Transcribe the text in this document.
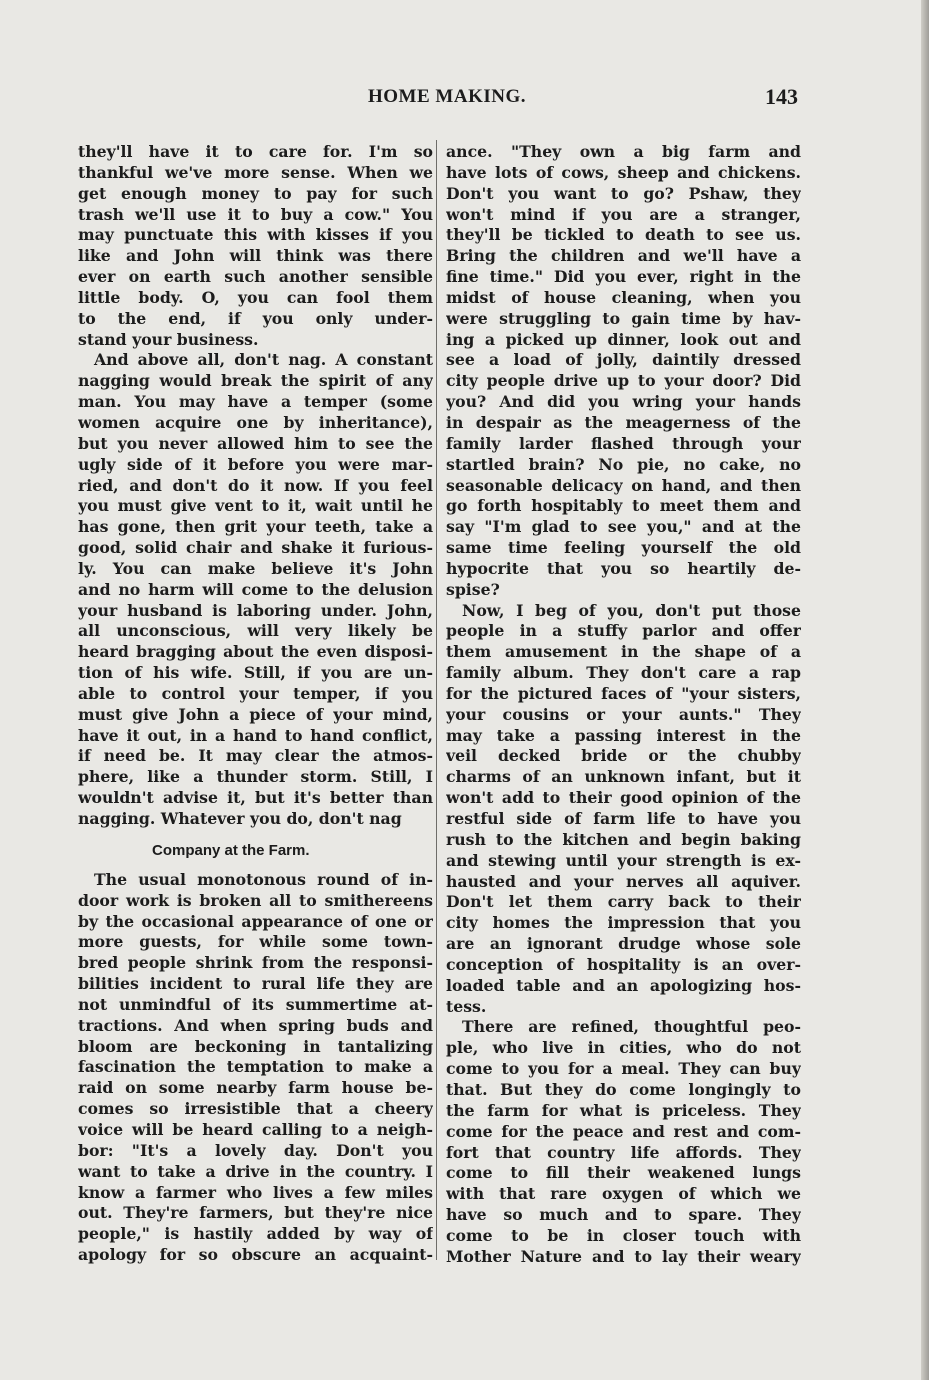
HOME MAKING.	143
they'll have it to care for. I'm so
thankful we've more sense. When we
get enough money to pay for such
trash we'll use it to buy a cow." You
may punctuate this with kisses if you
like and John will think was there
ever on earth such another sensible
little body. O, you can fool them
to the end, if you only under-
stand your business.
And above all, don't nag. A constant
nagging would break the spirit of any
man. You may have a temper (some
women acquire one by inheritance),
but you never allowed him to see the
ugly side of it before you were mar-
ried, and don't do it now. If you feel
you must give vent to it, wait until he
has gone, then grit your teeth, take a
good, solid chair and shake it furious-
ly. You can make believe it's John
and no harm will come to the delusion
your husband is laboring under. John,
all unconscious, will very likely be
heard bragging about the even disposi-
tion of his wife. Still, if you are un-
able to control your temper, if you
must give John a piece of your mind,
have it out, in a hand to hand conflict,
if need be. It may clear the atmos-
phere, like a thunder storm. Still, I
wouldn't advise it, but it's better than
nagging. Whatever you do, don't nag
Company at the Farm.
The usual monotonous round of in-
door work is broken all to smithereens
by the occasional appearance of one or
more guests, for while some town-
bred people shrink from the responsi-
bilities incident to rural life they are
not unmindful of its summertime at-
tractions. And when spring buds and
bloom are beckoning in tantalizing
fascination the temptation to make a
raid on some nearby farm house be-
comes so irresistible that a cheery
voice will be heard calling to a neigh-
bor: "It's a lovely day. Don't you
want to take a drive in the country. I
know a farmer who lives a few miles
out. They're farmers, but they're nice
people," is hastily added by way of
apology for so obscure an acquaint-
ance. "They own a big farm and
have lots of cows, sheep and chickens.
Don't you want to go? Pshaw, they
won't mind if you are a stranger,
they'll be tickled to death to see us.
Bring the children and we'll have a
fine time." Did you ever, right in the
midst of house cleaning, when you
were struggling to gain time by hav-
ing a picked up dinner, look out and
see a load of jolly, daintily dressed
city people drive up to your door? Did
you? And did you wring your hands
in despair as the meagerness of the
family larder flashed through your
startled brain? No pie, no cake, no
seasonable delicacy on hand, and then
go forth hospitably to meet them and
say "I'm glad to see you," and at the
same time feeling yourself the old
hypocrite that you so heartily de-
spise?
Now, I beg of you, don't put those
people in a stuffy parlor and offer
them amusement in the shape of a
family album. They don't care a rap
for the pictured faces of "your sisters,
your cousins or your aunts." They
may take a passing interest in the
veil decked bride or the chubby
charms of an unknown infant, but it
won't add to their good opinion of the
restful side of farm life to have you
rush to the kitchen and begin baking
and stewing until your strength is ex-
hausted and your nerves all aquiver.
Don't let them carry back to their
city homes the impression that you
are an ignorant drudge whose sole
conception of hospitality is an over-
loaded table and an apologizing hos-
tess.
There are refined, thoughtful peo-
ple, who live in cities, who do not
come to you for a meal. They can buy
that. But they do come longingly to
the farm for what is priceless. They
come for the peace and rest and com-
fort that country life affords. They
come to fill their weakened lungs
with that rare oxygen of which we
have so much and to spare. They
come to be in closer touch with
Mother Nature and to lay their weary
